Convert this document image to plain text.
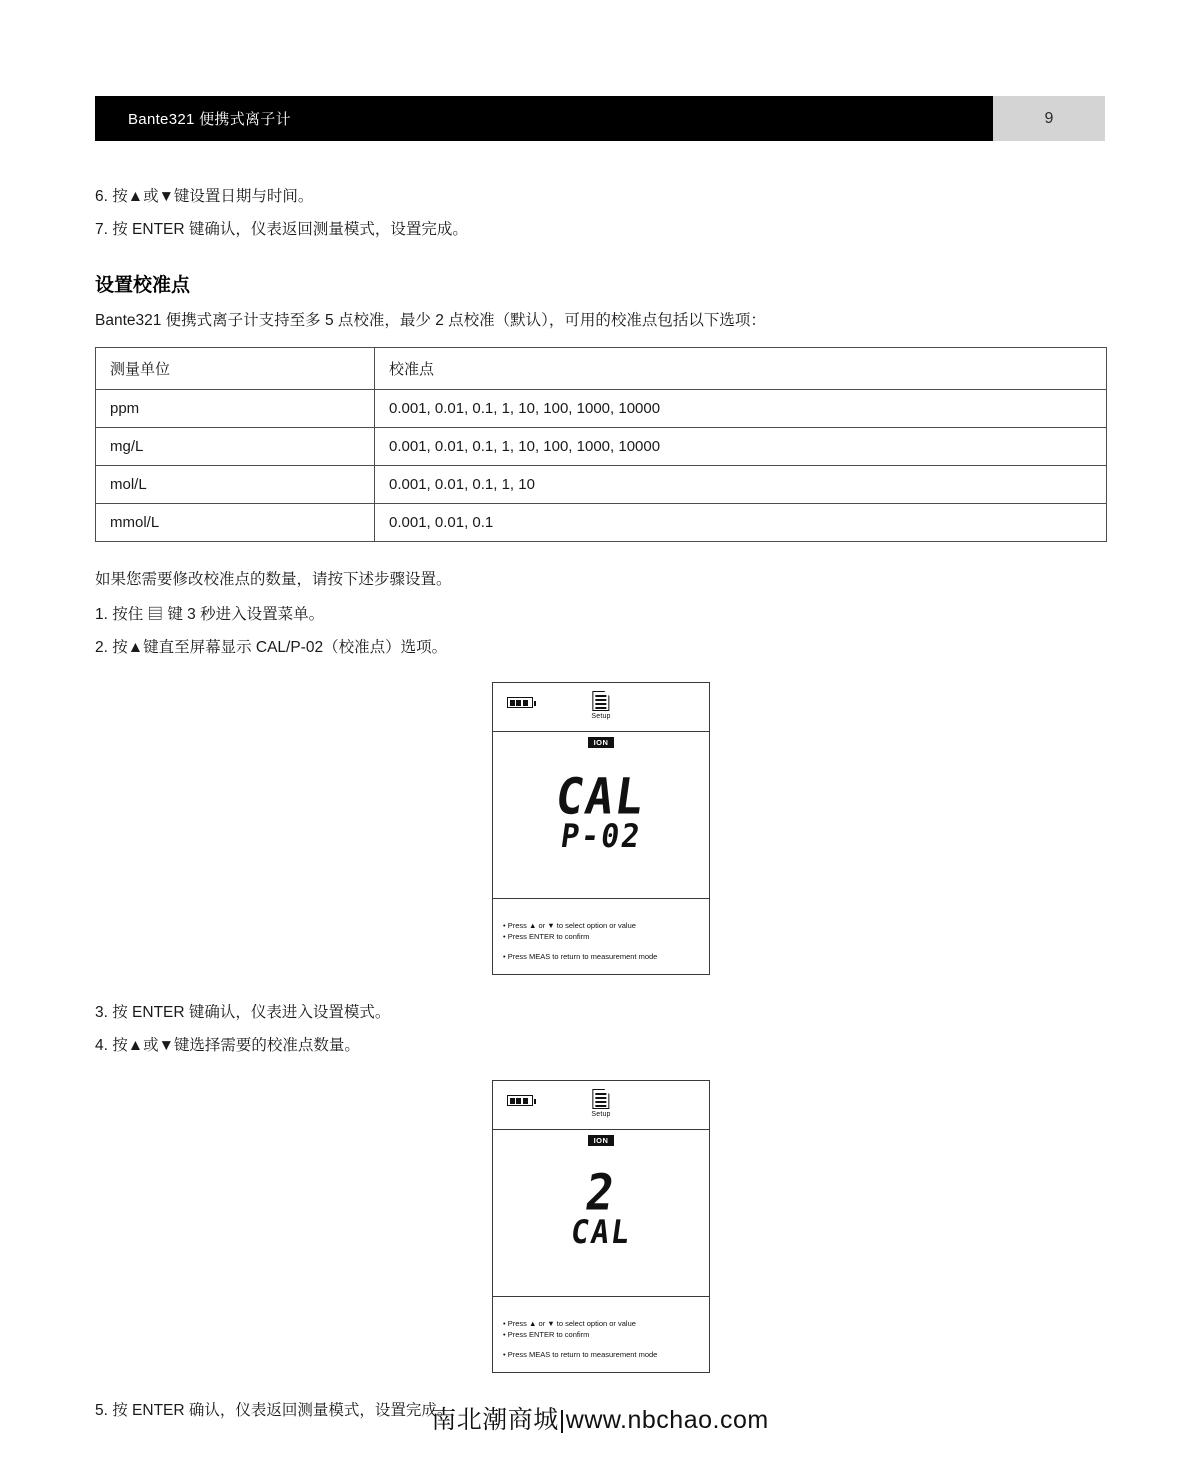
Bante321 便携式离子计	9

6. 按▲或▼键设置日期与时间。

7. 按 ENTER 键确认，仪表返回测量模式，设置完成。

设置校准点

Bante321 便携式离子计支持至多 5 点校准，最少 2 点校准（默认），可用的校准点包括以下选项：

测量单位	校准点
ppm	0.001, 0.01, 0.1, 1, 10, 100, 1000, 10000
mg/L	0.001, 0.01, 0.1, 1, 10, 100, 1000, 10000
mol/L	0.001, 0.01, 0.1, 1, 10
mmol/L	0.001, 0.01, 0.1

如果您需要修改校准点的数量，请按下述步骤设置。

1. 按住 ▤ 键 3 秒进入设置菜单。

2. 按▲键直至屏幕显示 CAL/P-02（校准点）选项。

Setup
ION
CAL
P-02

• Press ▲ or ▼ to select option or value

• Press ENTER to confirm

• Press MEAS to return to measurement mode

3. 按 ENTER 键确认，仪表进入设置模式。

4. 按▲或▼键选择需要的校准点数量。

Setup
ION
2
CAL

• Press ▲ or ▼ to select option or value

• Press ENTER to confirm

• Press MEAS to return to measurement mode

5. 按 ENTER 确认，仪表返回测量模式，设置完成。

南北潮商城|www.nbchao.com
